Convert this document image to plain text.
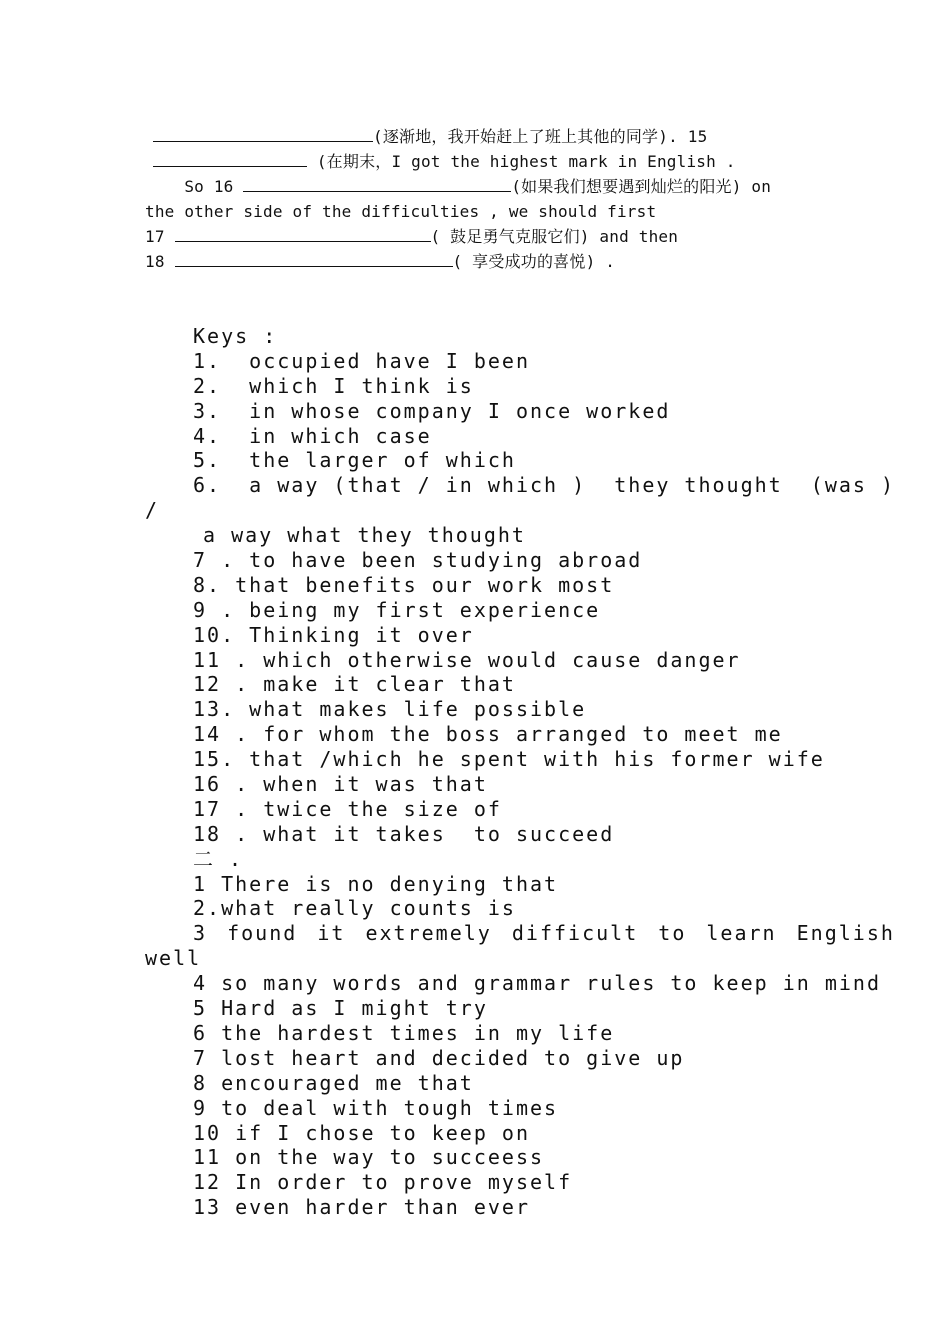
(逐渐地，我开始赶上了班上其他的同学). 15
(在期末，I got the highest mark in English .
So 16	(如果我们想要遇到灿烂的阳光) on
the other side of the difficulties , we should first
17	( 鼓足勇气克服它们) and then
18	( 享受成功的喜悦) .
Keys :
1.  occupied have I been
2.  which I think is
3.  in whose company I once worked
4.  in which case
5.  the larger of which
6.  a way (that / in which )  they thought  (was )
/
a way what they thought
7 . to have been studying abroad
8. that benefits our work most
9 . being my first experience
10. Thinking it over
11 . which otherwise would cause danger
12 . make it clear that
13. what makes life possible
14 . for whom the boss arranged to meet me
15. that /which he spent with his former wife
16 . when it was that
17 . twice the size of
18 . what it takes  to succeed
二 .
1 There is no denying that
2.what really counts is
3 found it extremely difficult to learn English
well
4 so many words and grammar rules to keep in mind
5 Hard as I might try
6 the hardest times in my life
7 lost heart and decided to give up
8 encouraged me that
9 to deal with tough times
10 if I chose to keep on
11 on the way to succeess
12 In order to prove myself
13 even harder than ever
